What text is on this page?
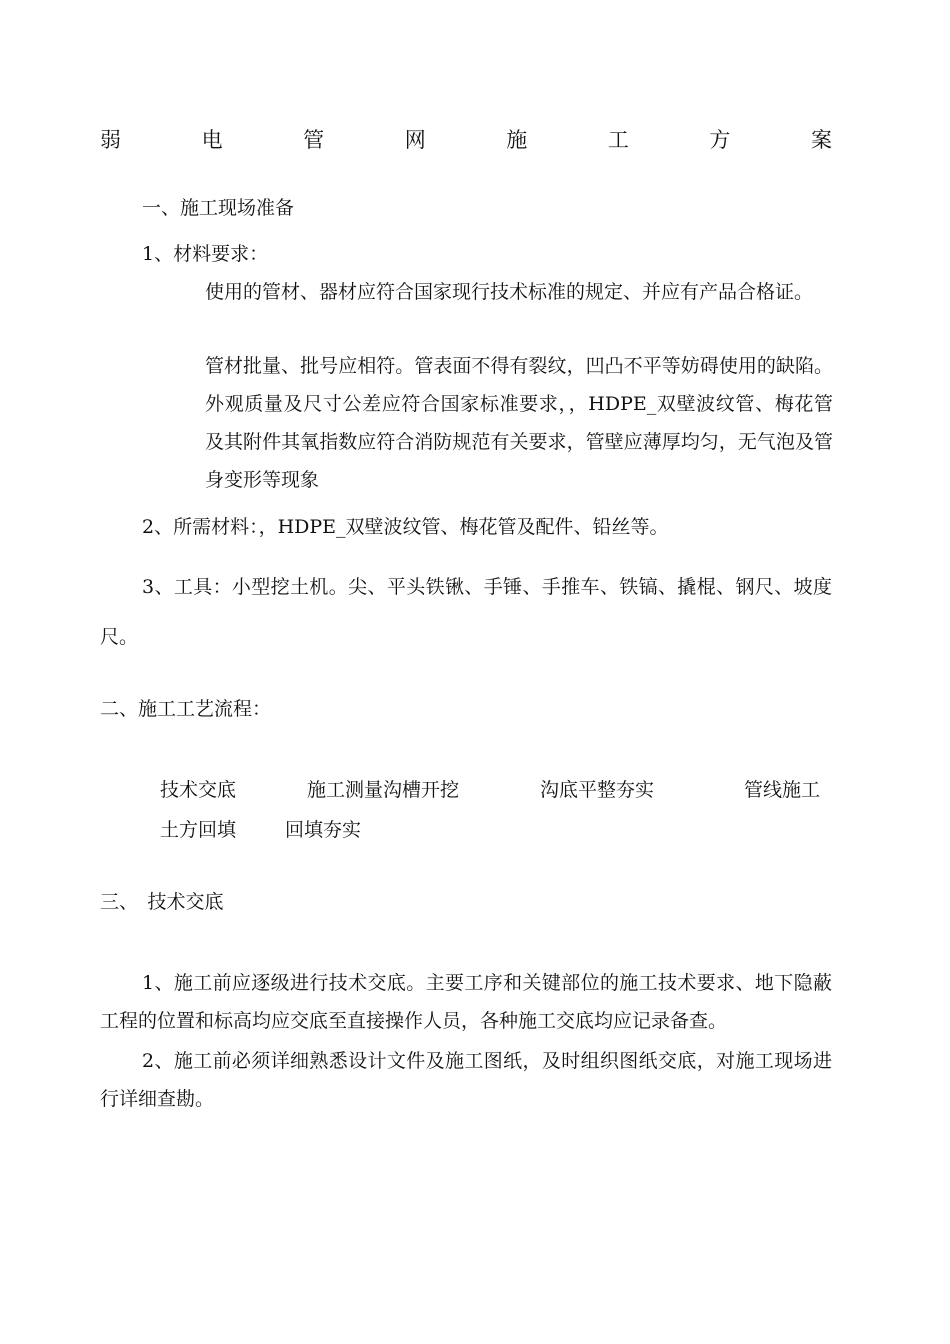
弱	电	管	网	施	工	方	案
一、施工现场准备
1、材料要求：
使用的管材、器材应符合国家现行技术标准的规定、并应有产品合格证。
管材批量、批号应相符。管表面不得有裂纹，凹凸不平等妨碍使用的缺陷。外观质量及尺寸公差应符合国家标准要求，，HDPE_双壁波纹管、梅花管及其附件其氧指数应符合消防规范有关要求，管壁应薄厚均匀，无气泡及管身变形等现象
2、所需材料：，HDPE_双壁波纹管、梅花管及配件、铅丝等。
3、工具：小型挖土机。尖、平头铁锹、手锤、手推车、铁镐、撬棍、钢尺、坡度尺。
二、施工工艺流程：
技术交底	施工测量沟槽开挖	沟底平整夯实	管线施工
土方回填	回填夯实
三、　技术交底
1、施工前应逐级进行技术交底。主要工序和关键部位的施工技术要求、地下隐蔽工程的位置和标高均应交底至直接操作人员，各种施工交底均应记录备查。
2、施工前必须详细熟悉设计文件及施工图纸，及时组织图纸交底，对施工现场进行详细查勘。
